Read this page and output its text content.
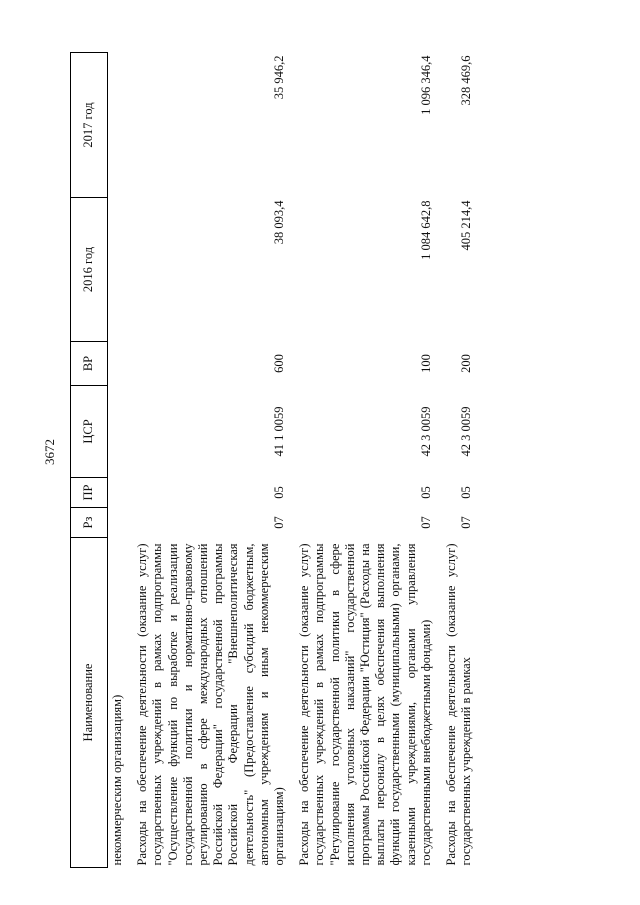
3672
Наименование	Рз	ПР	ЦСР	ВР	2016 год	2017 год
некоммерческим организациям)						

Расходы на обеспечение деятельности (оказание услуг) государственных учреждений в рамках подпрограммы "Осуществление функций по выработке и реализации государственной политики и нормативно-правовому регулированию в сфере международных отношений Российской Федерации" государственной программы Российской Федерации "Внешнеполитическая деятельность" (Предоставление субсидий бюджетным, автономным учреждениям и иным некоммерческим организациям)	07	05	41 1 0059	600	38 093,4	35 946,2

Расходы на обеспечение деятельности (оказание услуг) государственных учреждений в рамках подпрограммы "Регулирование государственной политики в сфере исполнения уголовных наказаний" государственной программы Российской Федерации "Юстиция" (Расходы на выплаты персоналу в целях обеспечения выполнения функций государственными (муниципальными) органами, казенными учреждениями, органами управления государственными внебюджетными фондами)	07	05	42 3 0059	100	1 084 642,8	1 096 346,4

Расходы на обеспечение деятельности (оказание услуг) государственных учреждений в рамках	07	05	42 3 0059	200	405 214,4	328 469,6
